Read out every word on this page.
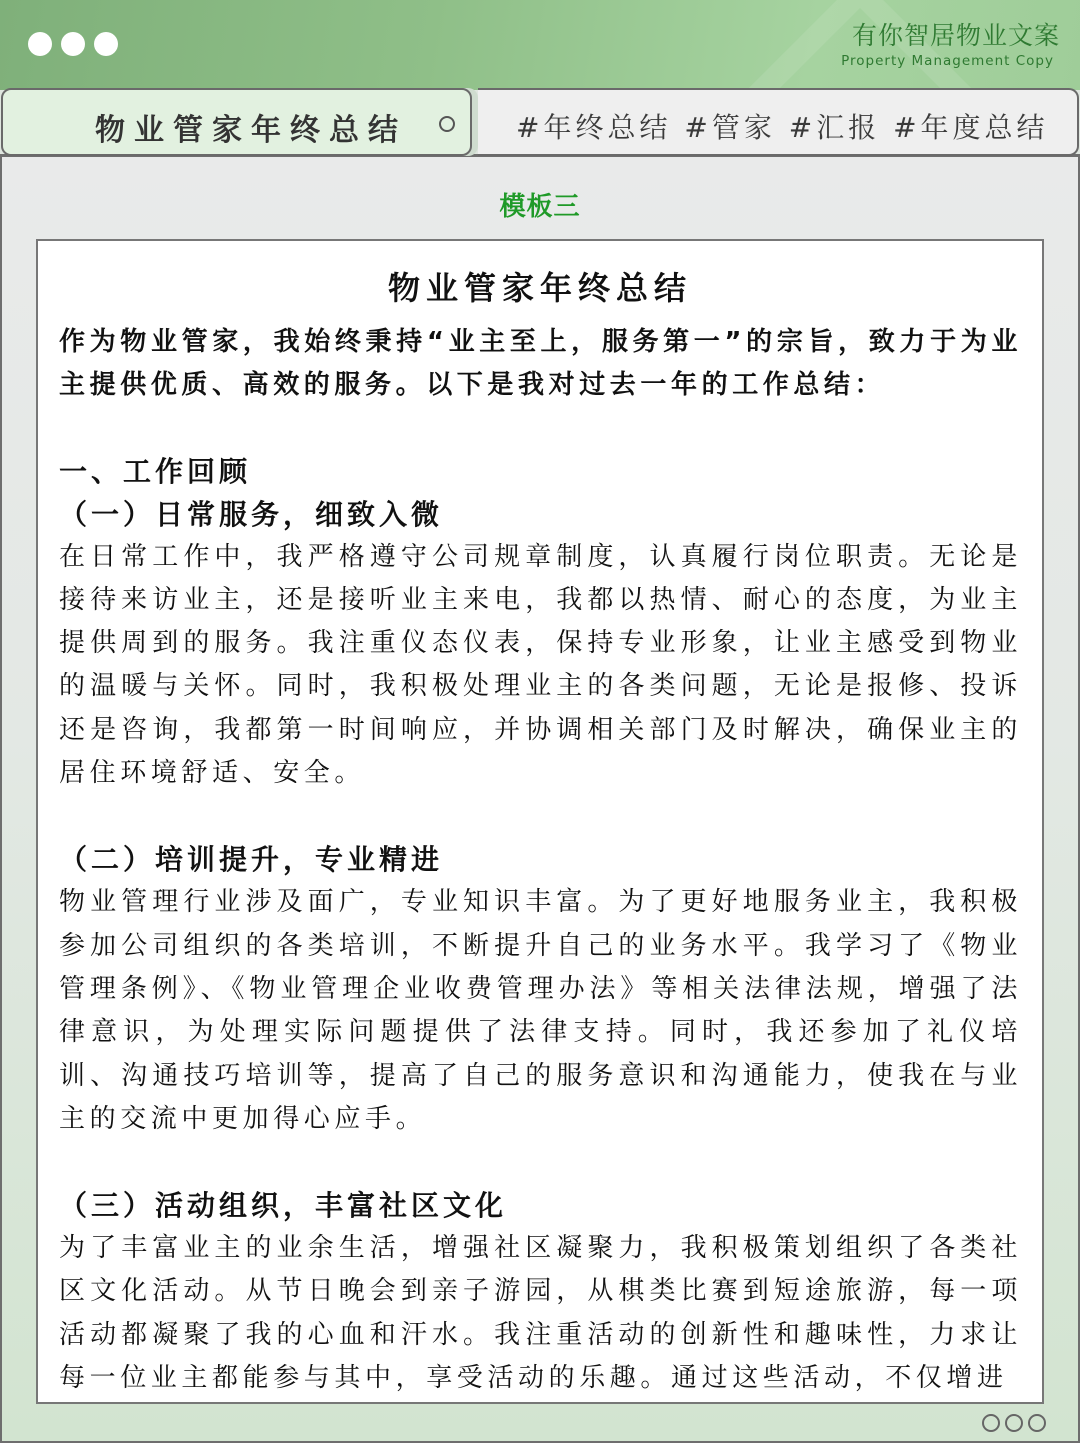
有你智居物业文案
Property Management Copy
物业管家年终总结	#年终总结 #管家 #汇报 #年度总结
模板三
物业管家年终总结

作为物业管家，我始终秉持“业主至上，服务第一”的宗旨，致力于为业主提供优质、高效的服务。以下是我对过去一年的工作总结：

一、工作回顾
（一）日常服务，细致入微

在日常工作中，我严格遵守公司规章制度，认真履行岗位职责。无论是接待来访业主，还是接听业主来电，我都以热情、耐心的态度，为业主提供周到的服务。我注重仪态仪表，保持专业形象，让业主感受到物业的温暖与关怀。同时，我积极处理业主的各类问题，无论是报修、投诉还是咨询，我都第一时间响应，并协调相关部门及时解决，确保业主的居住环境舒适、安全。

（二）培训提升，专业精进

物业管理行业涉及面广，专业知识丰富。为了更好地服务业主，我积极参加公司组织的各类培训，不断提升自己的业务水平。我学习了《物业管理条例》、《物业管理企业收费管理办法》等相关法律法规，增强了法律意识，为处理实际问题提供了法律支持。同时，我还参加了礼仪培训、沟通技巧培训等，提高了自己的服务意识和沟通能力，使我在与业主的交流中更加得心应手。

（三）活动组织，丰富社区文化

为了丰富业主的业余生活，增强社区凝聚力，我积极策划组织了各类社区文化活动。从节日晚会到亲子游园，从棋类比赛到短途旅游，每一项活动都凝聚了我的心血和汗水。我注重活动的创新性和趣味性，力求让每一位业主都能参与其中，享受活动的乐趣。通过这些活动，不仅增进
